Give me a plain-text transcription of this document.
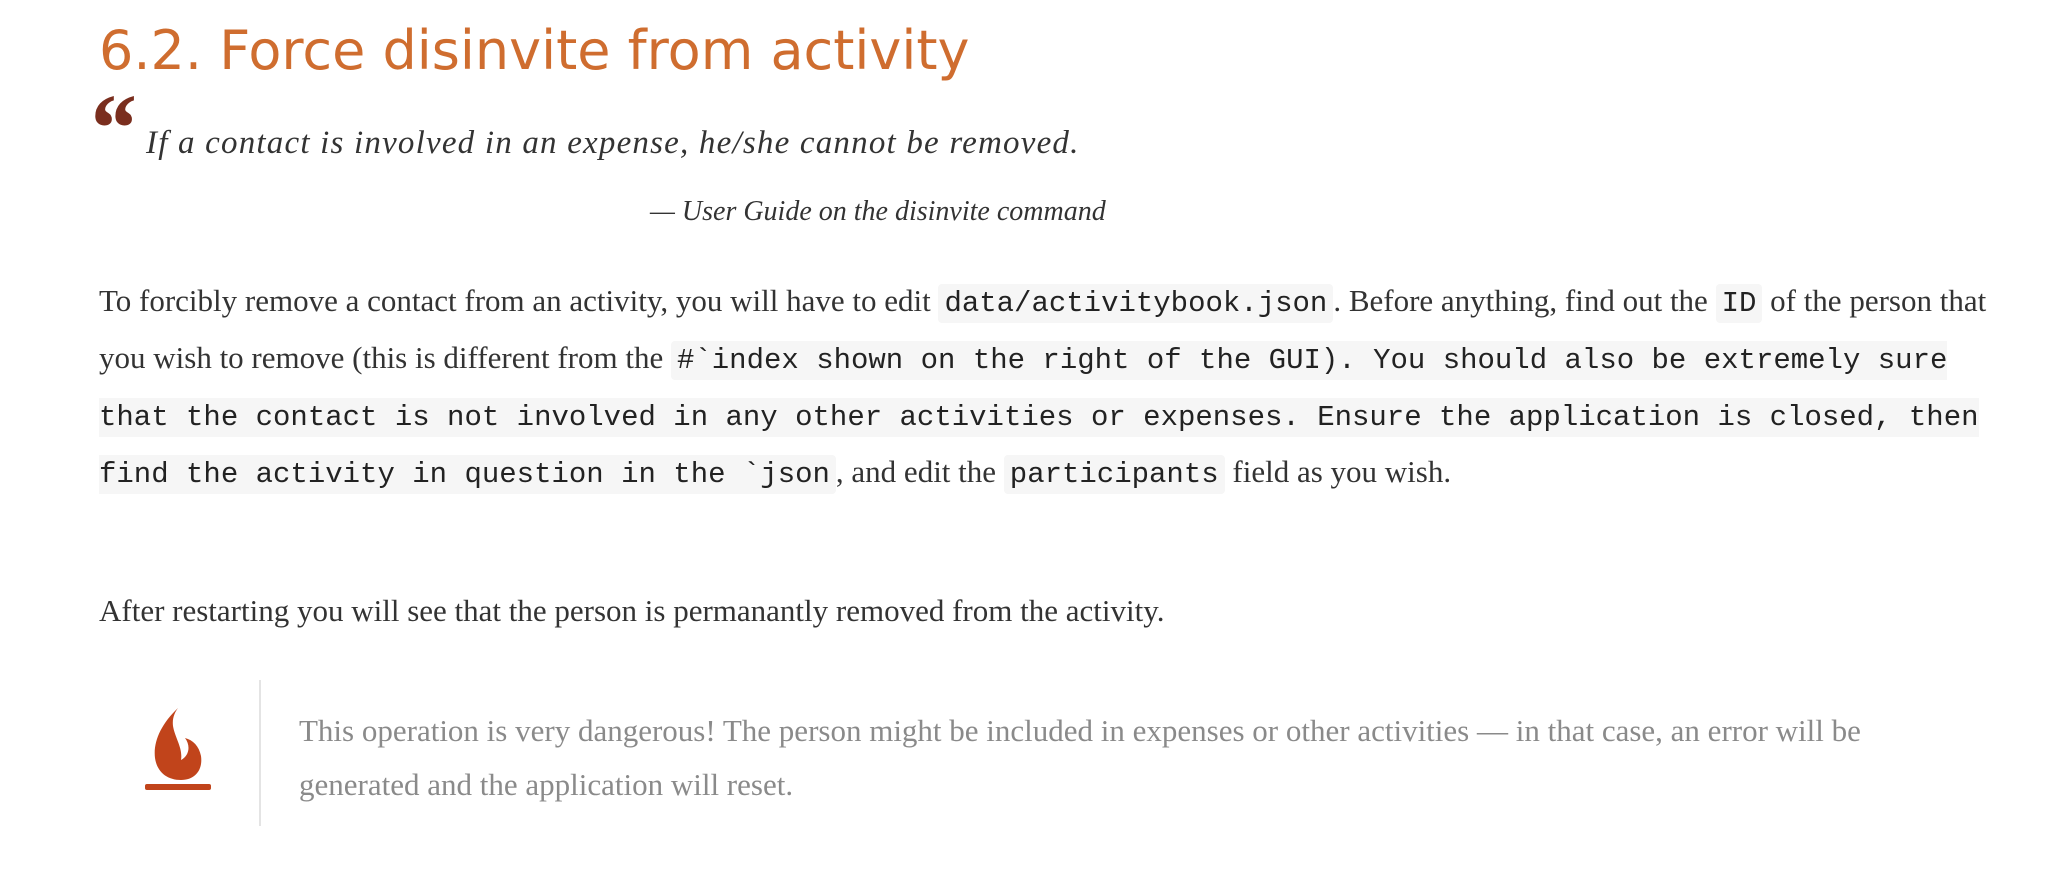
6.2. Force disinvite from activity
“ If a contact is involved in an expense, he/she cannot be removed.

— User Guide on the disinvite command

To forcibly remove a contact from an activity, you will have to edit data/activitybook.json . Before anything, find out the ID of the person that you wish to remove (this is different from the #`index shown on the right of the GUI). You should also be extremely sure that the contact is not involved in any other activities or expenses. Ensure the application is closed, then find the activity in question in the `json , and edit the participants field as you wish.

After restarting you will see that the person is permanantly removed from the activity.

This operation is very dangerous! The person might be included in expenses or other activities — in that case, an error will be generated and the application will reset.
